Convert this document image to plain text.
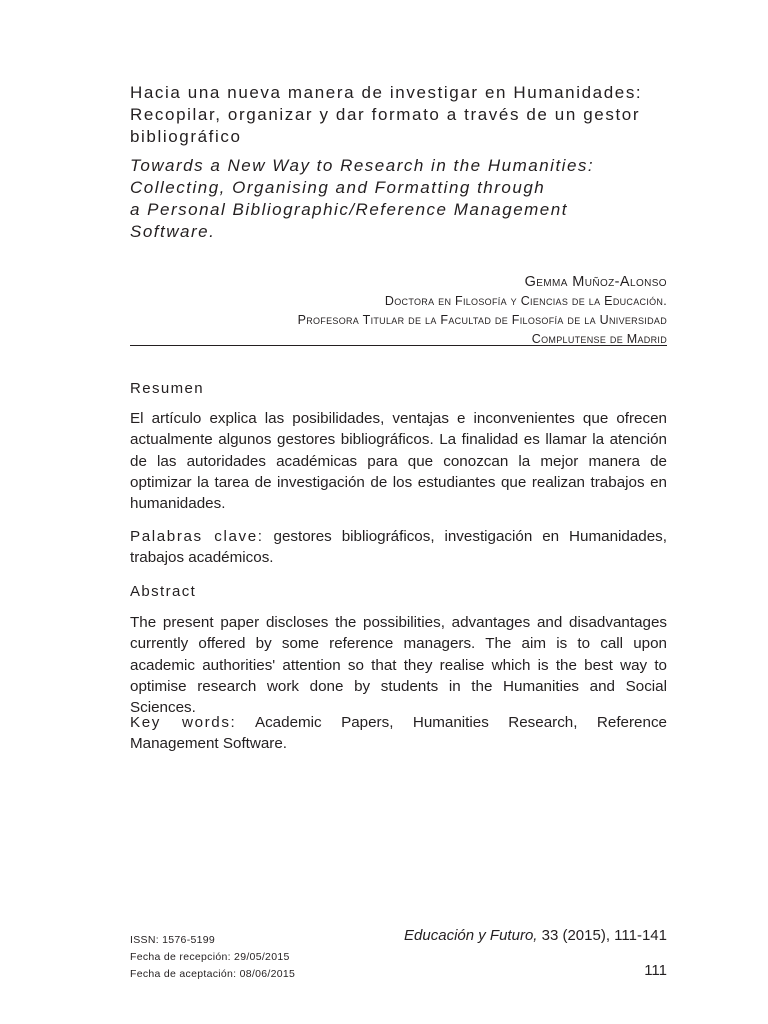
Hacia una nueva manera de investigar en Humanidades:
Recopilar, organizar y dar formato a través de un gestor
bibliográfico
Towards a New Way to Research in the Humanities:
Collecting, Organising and Formatting through
a Personal Bibliographic/Reference Management
Software.
Gemma Muñoz-Alonso
Doctora en Filosofía y Ciencias de la Educación.
Profesora Titular de la Facultad de Filosofía de la Universidad
Complutense de Madrid
Resumen

El artículo explica las posibilidades, ventajas e inconvenientes que ofrecen actualmente algunos gestores bibliográficos. La finalidad es llamar la atención de las autoridades académicas para que conozcan la mejor manera de optimizar la tarea de investigación de los estudiantes que realizan trabajos en humanidades.

Palabras clave: gestores bibliográficos, investigación en Humanidades, trabajos académicos.

Abstract

The present paper discloses the possibilities, advantages and disadvantages currently offered by some reference managers. The aim is to call upon academic authorities' attention so that they realise which is the best way to optimise research work done by students in the Humanities and Social Sciences.

Key words: Academic Papers, Humanities Research, Reference Management Software.

ISSN: 1576-5199
Fecha de recepción: 29/05/2015
Fecha de aceptación: 08/06/2015
Educación y Futuro, 33 (2015), 111-141
111
